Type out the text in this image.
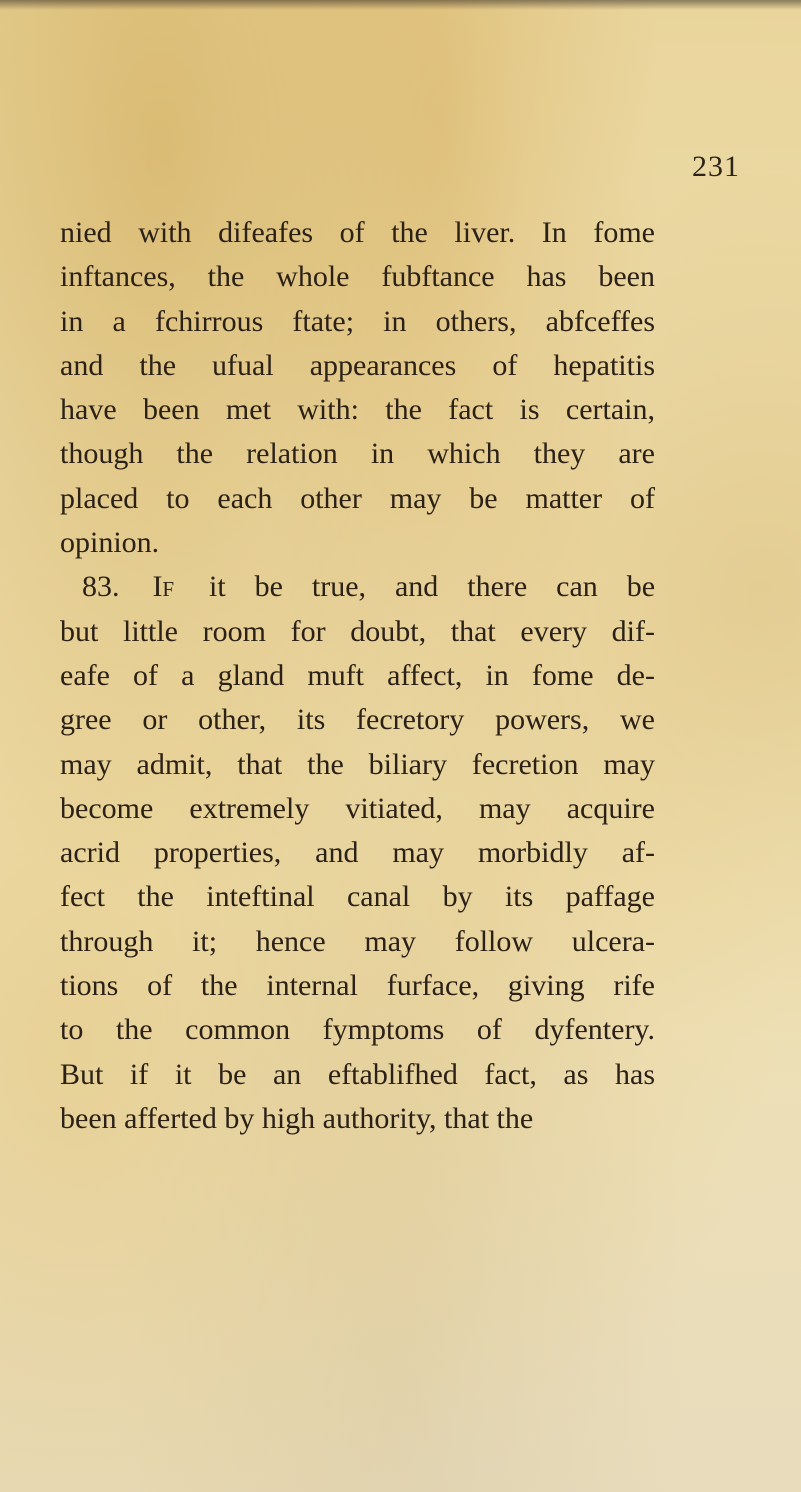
231
nied with difeafes of the liver. In fome
inftances, the whole fubftance has been
in a fchirrous ftate; in others, abfceffes
and the ufual appearances of hepatitis
have been met with: the fact is certain,
though the relation in which they are
placed to each other may be matter of
opinion.
83. If it be true, and there can be
but little room for doubt, that every dif-
eafe of a gland muft affect, in fome de-
gree or other, its fecretory powers, we
may admit, that the biliary fecretion may
become extremely vitiated, may acquire
acrid properties, and may morbidly af-
fect the inteftinal canal by its paffage
through it; hence may follow ulcera-
tions of the internal furface, giving rife
to the common fymptoms of dyfentery.
But if it be an eftablifhed fact, as has
been afferted by high authority, that the
